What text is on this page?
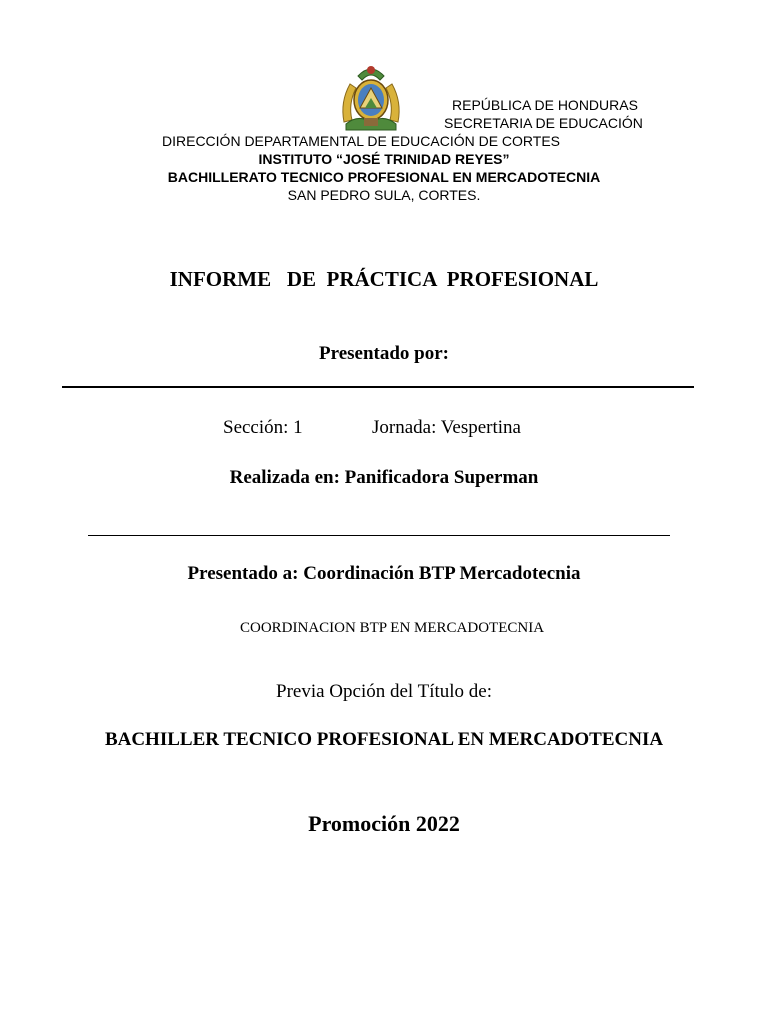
REPÚBLICA DE HONDURAS
SECRETARIA DE EDUCACIÓN
DIRECCIÓN DEPARTAMENTAL DE EDUCACIÓN DE CORTES
INSTITUTO “JOSÉ TRINIDAD REYES”
BACHILLERATO TECNICO PROFESIONAL EN MERCADOTECNIA
SAN PEDRO SULA, CORTES.
INFORME   DE  PRÁCTICA  PROFESIONAL
Presentado por:
Sección: 1	Jornada: Vespertina
Realizada en: Panificadora Superman
Presentado a: Coordinación BTP Mercadotecnia
COORDINACION BTP EN MERCADOTECNIA
Previa Opción del Título de:
BACHILLER TECNICO PROFESIONAL EN MERCADOTECNIA
Promoción 2022
